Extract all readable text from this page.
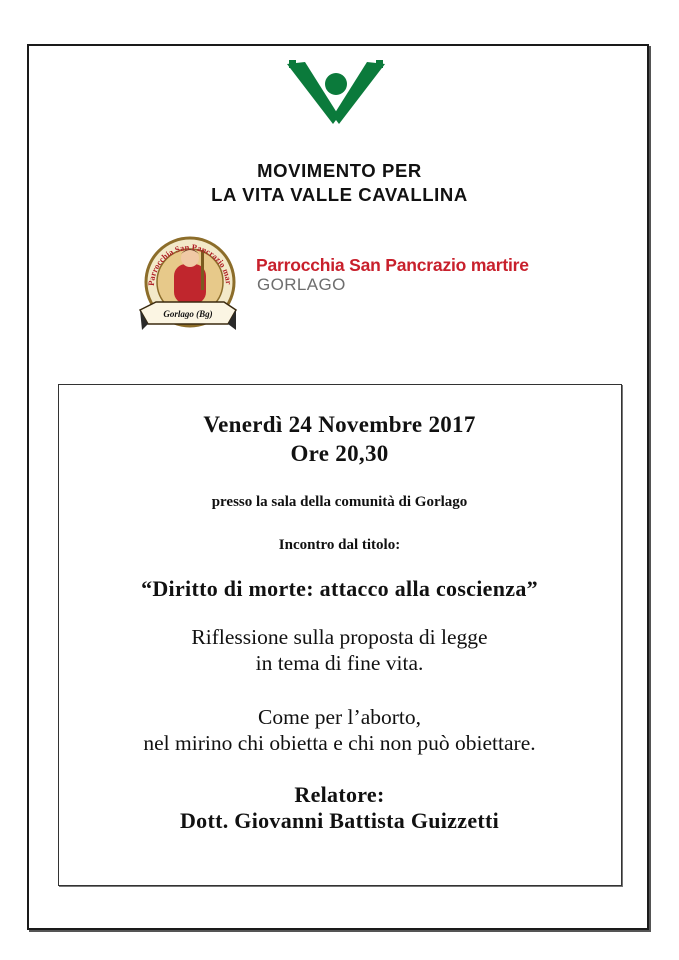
MOVIMENTO PER
LA VITA VALLE CAVALLINA
Parrocchia San Pancrazio mar
Gorlago (Bg)
Parrocchia San Pancrazio martire
GORLAGO
Venerdì 24 Novembre 2017
Ore 20,30
presso la sala della comunità di Gorlago
Incontro dal titolo:
“Diritto di morte: attacco alla coscienza”
Riflessione sulla proposta di legge
in tema di fine vita.
Come per l’aborto,
nel mirino chi obietta e chi non può obiettare.
Relatore:
Dott. Giovanni Battista Guizzetti
